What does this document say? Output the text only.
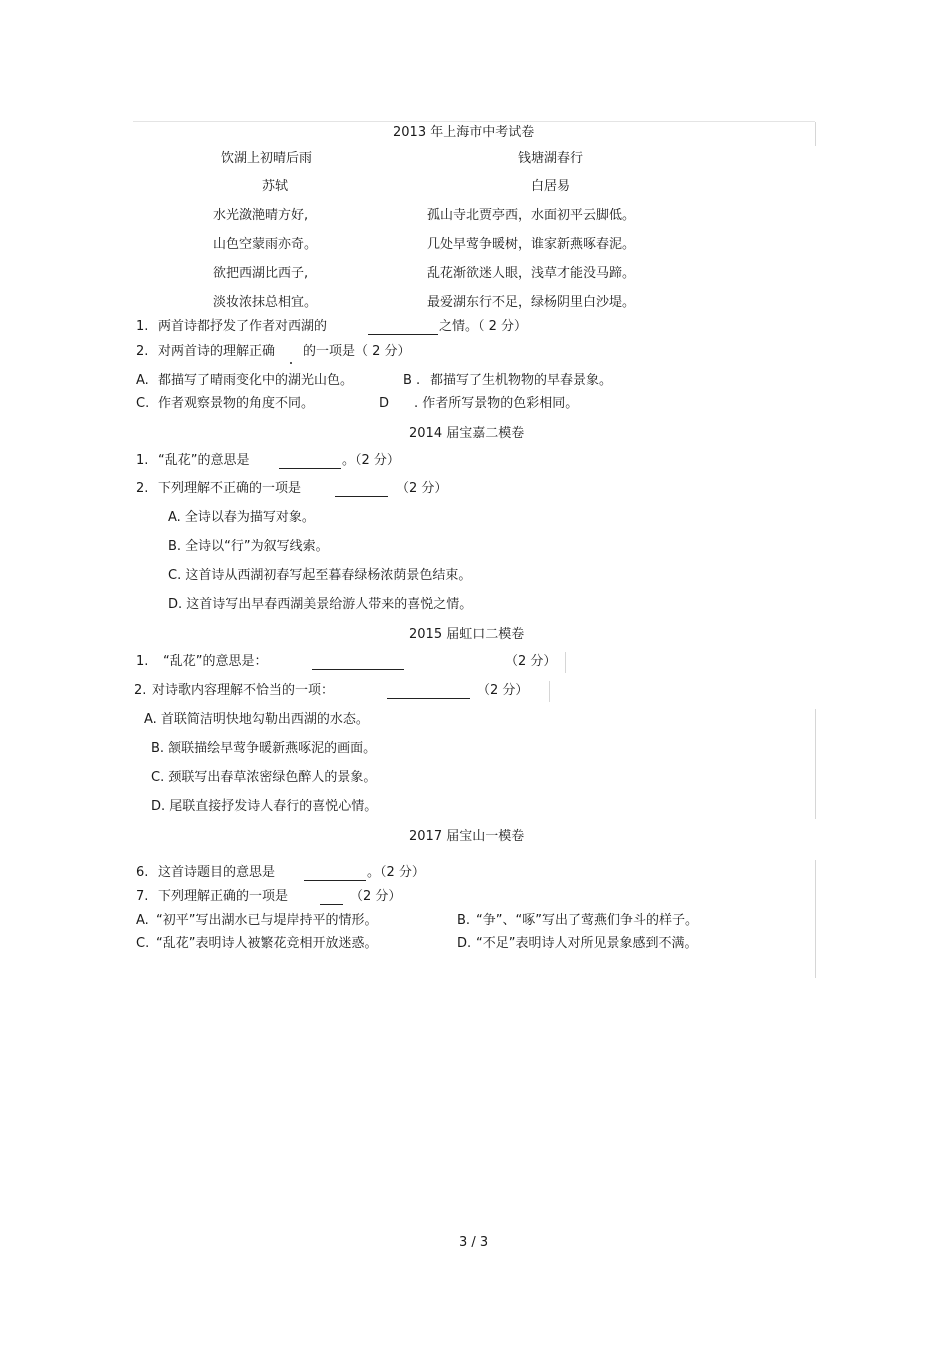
2013 年上海市中考试卷
饮湖上初晴后雨	钱塘湖春行
苏轼	白居易
水光潋滟晴方好,	孤山寺北贾亭西，水面初平云脚低。
山色空蒙雨亦奇。	几处早莺争暖树，谁家新燕啄春泥。
欲把西湖比西子,	乱花渐欲迷人眼，浅草才能没马蹄。
淡妆浓抹总相宜。	最爱湖东行不足，绿杨阴里白沙堤。
1. 两首诗都抒发了作者对西湖的	之情。（ 2 分）
2. 对两首诗的理解正确 的一项是（ 2 分）
A. 都描写了晴雨变化中的湖光山色。	B . 都描写了生机物物的早春景象。
C. 作者观察景物的角度不同。	D . 作者所写景物的色彩相同。
2014 届宝嘉二模卷
1. “乱花”的意思是	。（2 分）
2. 下列理解不正确的一项是	（2 分）
A. 全诗以春为描写对象。
B. 全诗以“行”为叙写线索。
C. 这首诗从西湖初春写起至暮春绿杨浓荫景色结束。
D. 这首诗写出早春西湖美景给游人带来的喜悦之情。
2015 届虹口二模卷
1. “乱花”的意思是：	（2 分）
2. 对诗歌内容理解不恰当的一项：	（2 分）
A. 首联简洁明快地勾勒出西湖的水态。
B. 颔联描绘早莺争暖新燕啄泥的画面。
C. 颈联写出春草浓密绿色醉人的景象。
D. 尾联直接抒发诗人春行的喜悦心情。
2017 届宝山一模卷
6. 这首诗题目的意思是	。（2 分）
7. 下列理解正确的一项是	（2 分）
A. “初平”写出湖水已与堤岸持平的情形。	B. “争”、“啄”写出了莺燕们争斗的样子。
C. “乱花”表明诗人被繁花竞相开放迷惑。	D. “不足”表明诗人对所见景象感到不满。
3 / 3
